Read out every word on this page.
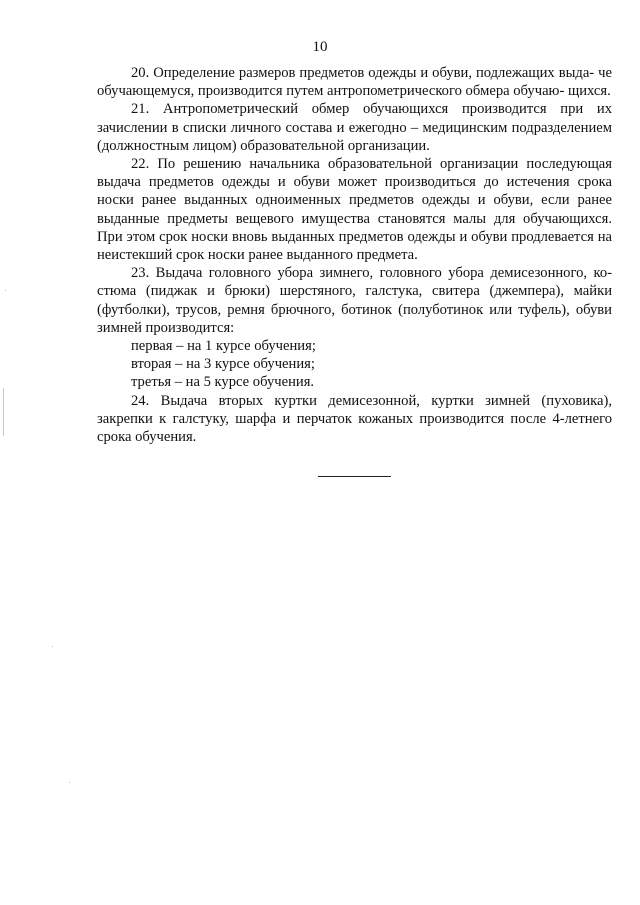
10

20. Определение размеров предметов одежды и обуви, подлежащих выда- че обучающемуся, производится путем антропометрического обмера обучаю- щихся.

21. Антропометрический обмер обучающихся производится при их зачислении в списки личного состава и ежегодно – медицинским подразделением (должностным лицом) образовательной организации.

22. По решению начальника образовательной организации последующая выдача предметов одежды и обуви может производиться до истечения срока носки ранее выданных одноименных предметов одежды и обуви, если ранее выданные предметы вещевого имущества становятся малы для обучающихся. При этом срок носки вновь выданных предметов одежды и обуви продлевается на неистекший срок носки ранее выданного предмета.

23. Выдача головного убора зимнего, головного убора демисезонного, ко- стюма (пиджак и брюки) шерстяного, галстука, свитера (джемпера), майки (футболки), трусов, ремня брючного, ботинок (полуботинок или туфель), обуви зимней производится:

первая – на 1 курсе обучения;

вторая – на 3 курсе обучения;

третья – на 5 курсе обучения.

24. Выдача вторых куртки демисезонной, куртки зимней (пуховика), закрепки к галстуку, шарфа и перчаток кожаных производится после 4-летнего срока обучения.
